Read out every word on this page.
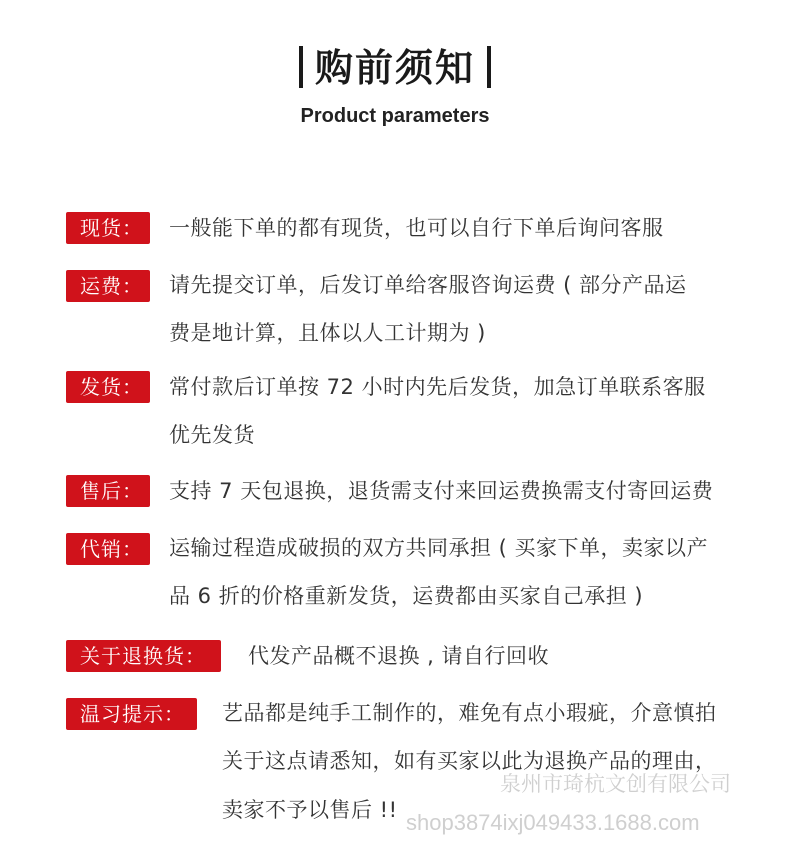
购前须知
Product parameters
现货：	一般能下单的都有现货，也可以自行下单后询问客服
运费：	请先提交订单，后发订单给客服咨询运费 ( 部分产品运
费是地计算，且体以人工计期为 )
发货：	常付款后订单按 72 小时内先后发货，加急订单联系客服
优先发货
售后：	支持 7 天包退换，退货需支付来回运费换需支付寄回运费
代销：	运输过程造成破损的双方共同承担 ( 买家下单，卖家以产
品 6 折的价格重新发货，运费都由买家自己承担 )
关于退换货：	代发产品概不退换 , 请自行回收
温习提示：	艺品都是纯手工制作的，难免有点小瑕疵，介意慎拍
关于这点请悉知，如有买家以此为退换产品的理由，
卖家不予以售后 !!
泉州市琦杭文创有限公司
shop3874ixj049433.1688.com
